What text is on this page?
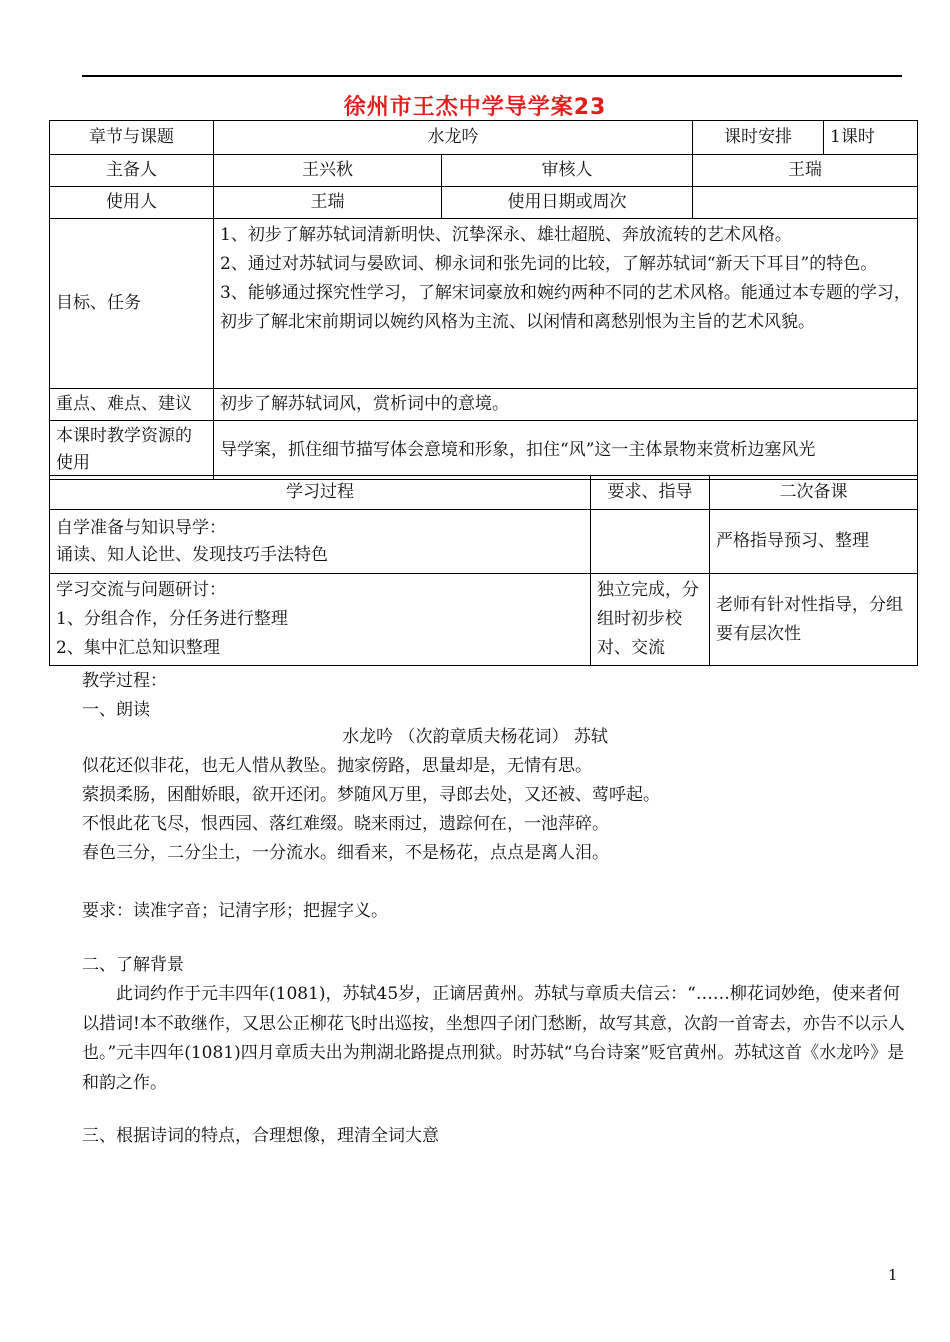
徐州市王杰中学导学案23
章节与课题	水龙吟		课时安排	1课时
主备人	王兴秋	审核人	王瑞	
使用人	王瑞	使用日期或周次		
目标、任务	1、初步了解苏轼词清新明快、沉挚深永、雄壮超脱、奔放流转的艺术风格。
2、通过对苏轼词与晏欧词、柳永词和张先词的比较，了解苏轼词“新天下耳目”的特色。
3、能够通过探究性学习，了解宋词豪放和婉约两种不同的艺术风格。能通过本专题的学习，初步了解北宋前期词以婉约风格为主流、以闲情和离愁别恨为主旨的艺术风貌。			

重点、难点、建议	初步了解苏轼词风，赏析词中的意境。			
本课时教学资源的使用	导学案，抓住细节描写体会意境和形象，扣住“风”这一主体景物来赏析边塞风光			
学习过程	要求、指导	二次备课

自学准备与知识导学：
诵读、知人论世、发现技巧手法特色		严格指导预习、整理

学习交流与问题研讨：
1、分组合作，分任务进行整理
2、集中汇总知识整理	独立完成，分组时初步校对、交流	老师有针对性指导，分组要有层次性
教学过程：
一、朗读
水龙吟 （次韵章质夫杨花词） 苏轼
似花还似非花，也无人惜从教坠。抛家傍路，思量却是，无情有思。
萦损柔肠，困酣娇眼，欲开还闭。梦随风万里，寻郎去处，又还被、莺呼起。
不恨此花飞尽，恨西园、落红难缀。晓来雨过，遗踪何在，一池萍碎。
春色三分，二分尘土，一分流水。细看来，不是杨花，点点是离人泪。
要求：读准字音；记清字形；把握字义。
二、了解背景
此词约作于元丰四年(1081)，苏轼45岁，正谪居黄州。苏轼与章质夫信云：“……柳花词妙绝，使来者何以措词!本不敢继作，又思公正柳花飞时出巡按，坐想四子闭门愁断，故写其意，次韵一首寄去，亦告不以示人也。”元丰四年(1081)四月章质夫出为荆湖北路提点刑狱。时苏轼“乌台诗案”贬官黄州。苏轼这首《水龙吟》是和韵之作。
三、根据诗词的特点，合理想像，理清全词大意
1
